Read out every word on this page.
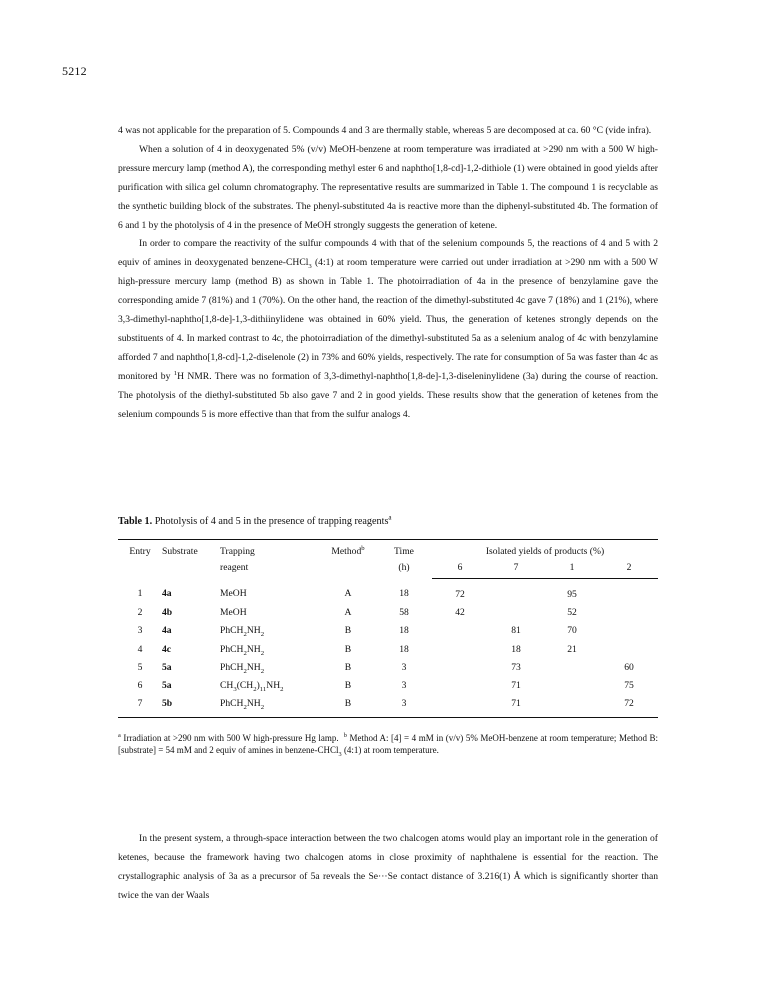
5212

4 was not applicable for the preparation of 5. Compounds 4 and 3 are thermally stable, whereas 5 are decomposed at ca. 60 °C (vide infra).

When a solution of 4 in deoxygenated 5% (v/v) MeOH-benzene at room temperature was irradiated at >290 nm with a 500 W high-pressure mercury lamp (method A), the corresponding methyl ester 6 and naphtho[1,8-cd]-1,2-dithiole (1) were obtained in good yields after purification with silica gel column chromatography. The representative results are summarized in Table 1. The compound 1 is recyclable as the synthetic building block of the substrates. The phenyl-substituted 4a is reactive more than the diphenyl-substituted 4b. The formation of 6 and 1 by the photolysis of 4 in the presence of MeOH strongly suggests the generation of ketene.

In order to compare the reactivity of the sulfur compounds 4 with that of the selenium compounds 5, the reactions of 4 and 5 with 2 equiv of amines in deoxygenated benzene-CHCl$_3$ (4:1) at room temperature were carried out under irradiation at >290 nm with a 500 W high-pressure mercury lamp (method B) as shown in Table 1. The photoirradiation of 4a in the presence of benzylamine gave the corresponding amide 7 (81%) and 1 (70%). On the other hand, the reaction of the dimethyl-substituted 4c gave 7 (18%) and 1 (21%), where 3,3-dimethyl-naphtho[1,8-de]-1,3-dithiinylidene was obtained in 60% yield. Thus, the generation of ketenes strongly depends on the substituents of 4. In marked contrast to 4c, the photoirradiation of the dimethyl-substituted 5a as a selenium analog of 4c with benzylamine afforded 7 and naphtho[1,8-cd]-1,2-diselenole (2) in 73% and 60% yields, respectively. The rate for consumption of 5a was faster than 4c as monitored by $^1$H NMR. There was no formation of 3,3-dimethyl-naphtho[1,8-de]-1,3-diseleninylidene (3a) during the course of reaction. The photolysis of the diethyl-substituted 5b also gave 7 and 2 in good yields. These results show that the generation of ketenes from the selenium compounds 5 is more effective than that from the sulfur analogs 4.

Table 1. Photolysis of 4 and 5 in the presence of trapping reagents$^a$
Entry	Substrate	Trapping	Method$^b$	Time	Isolated yields of products (%)			
		reagent		(h)	6	7	1	2
1	4a	MeOH	A	18	72		95	
2	4b	MeOH	A	58	42		52	
3	4a	$PhCH_2NH_2$	B	18		81	70	
4	4c	$PhCH_2NH_2$	B	18		18	21	
5	5a	$PhCH_2NH_2$	B	3		73		60
6	5a	$CH_3(CH_2)_{11}NH_2$	B	3		71		75
7	5b	$PhCH_2NH_2$	B	3		71		72
$^a$ Irradiation at >290 nm with 500 W high-pressure Hg lamp. $^b$ Method A: [4] = 4 mM in (v/v) 5% MeOH-benzene at room temperature; Method B: [substrate] = 54 mM and 2 equiv of amines in benzene-CHCl$_3$ (4:1) at room temperature.

In the present system, a through-space interaction between the two chalcogen atoms would play an important role in the generation of ketenes, because the framework having two chalcogen atoms in close proximity of naphthalene is essential for the reaction. The crystallographic analysis of 3a as a precursor of 5a reveals the Se···Se contact distance of 3.216(1) Å which is significantly shorter than twice the van der Waals
